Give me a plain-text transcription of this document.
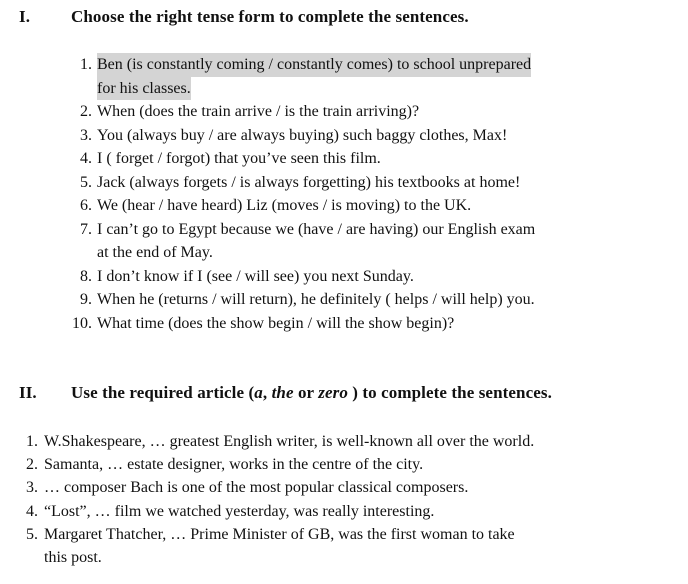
I. Choose the right tense form to complete the sentences.
1. Ben (is constantly coming / constantly comes) to school unprepared
for his classes.

2. When (does the train arrive / is the train arriving)?
3. You (always buy / are always buying) such baggy clothes, Max!
4. I ( forget / forgot) that you’ve seen this film.
5. Jack (always forgets / is always forgetting) his textbooks at home!
6. We (hear / have heard) Liz (moves / is moving) to the UK.
7. I can’t go to Egypt because we (have / are having) our English exam
at the end of May.
8. I don’t know if I (see / will see) you next Sunday.
9. When he (returns / will return), he definitely ( helps / will help) you.
10. What time (does the show begin / will the show begin)?
II. Use the required article (a, the or zero ) to complete the sentences.
1. W.Shakespeare, … greatest English writer, is well-known all over the world.
2. Samanta, … estate designer, works in the centre of the city.
3. … composer Bach is one of the most popular classical composers.
4. “Lost”, … film we watched yesterday, was really interesting.
5. Margaret Thatcher, … Prime Minister of GB, was the first woman to take
this post.
